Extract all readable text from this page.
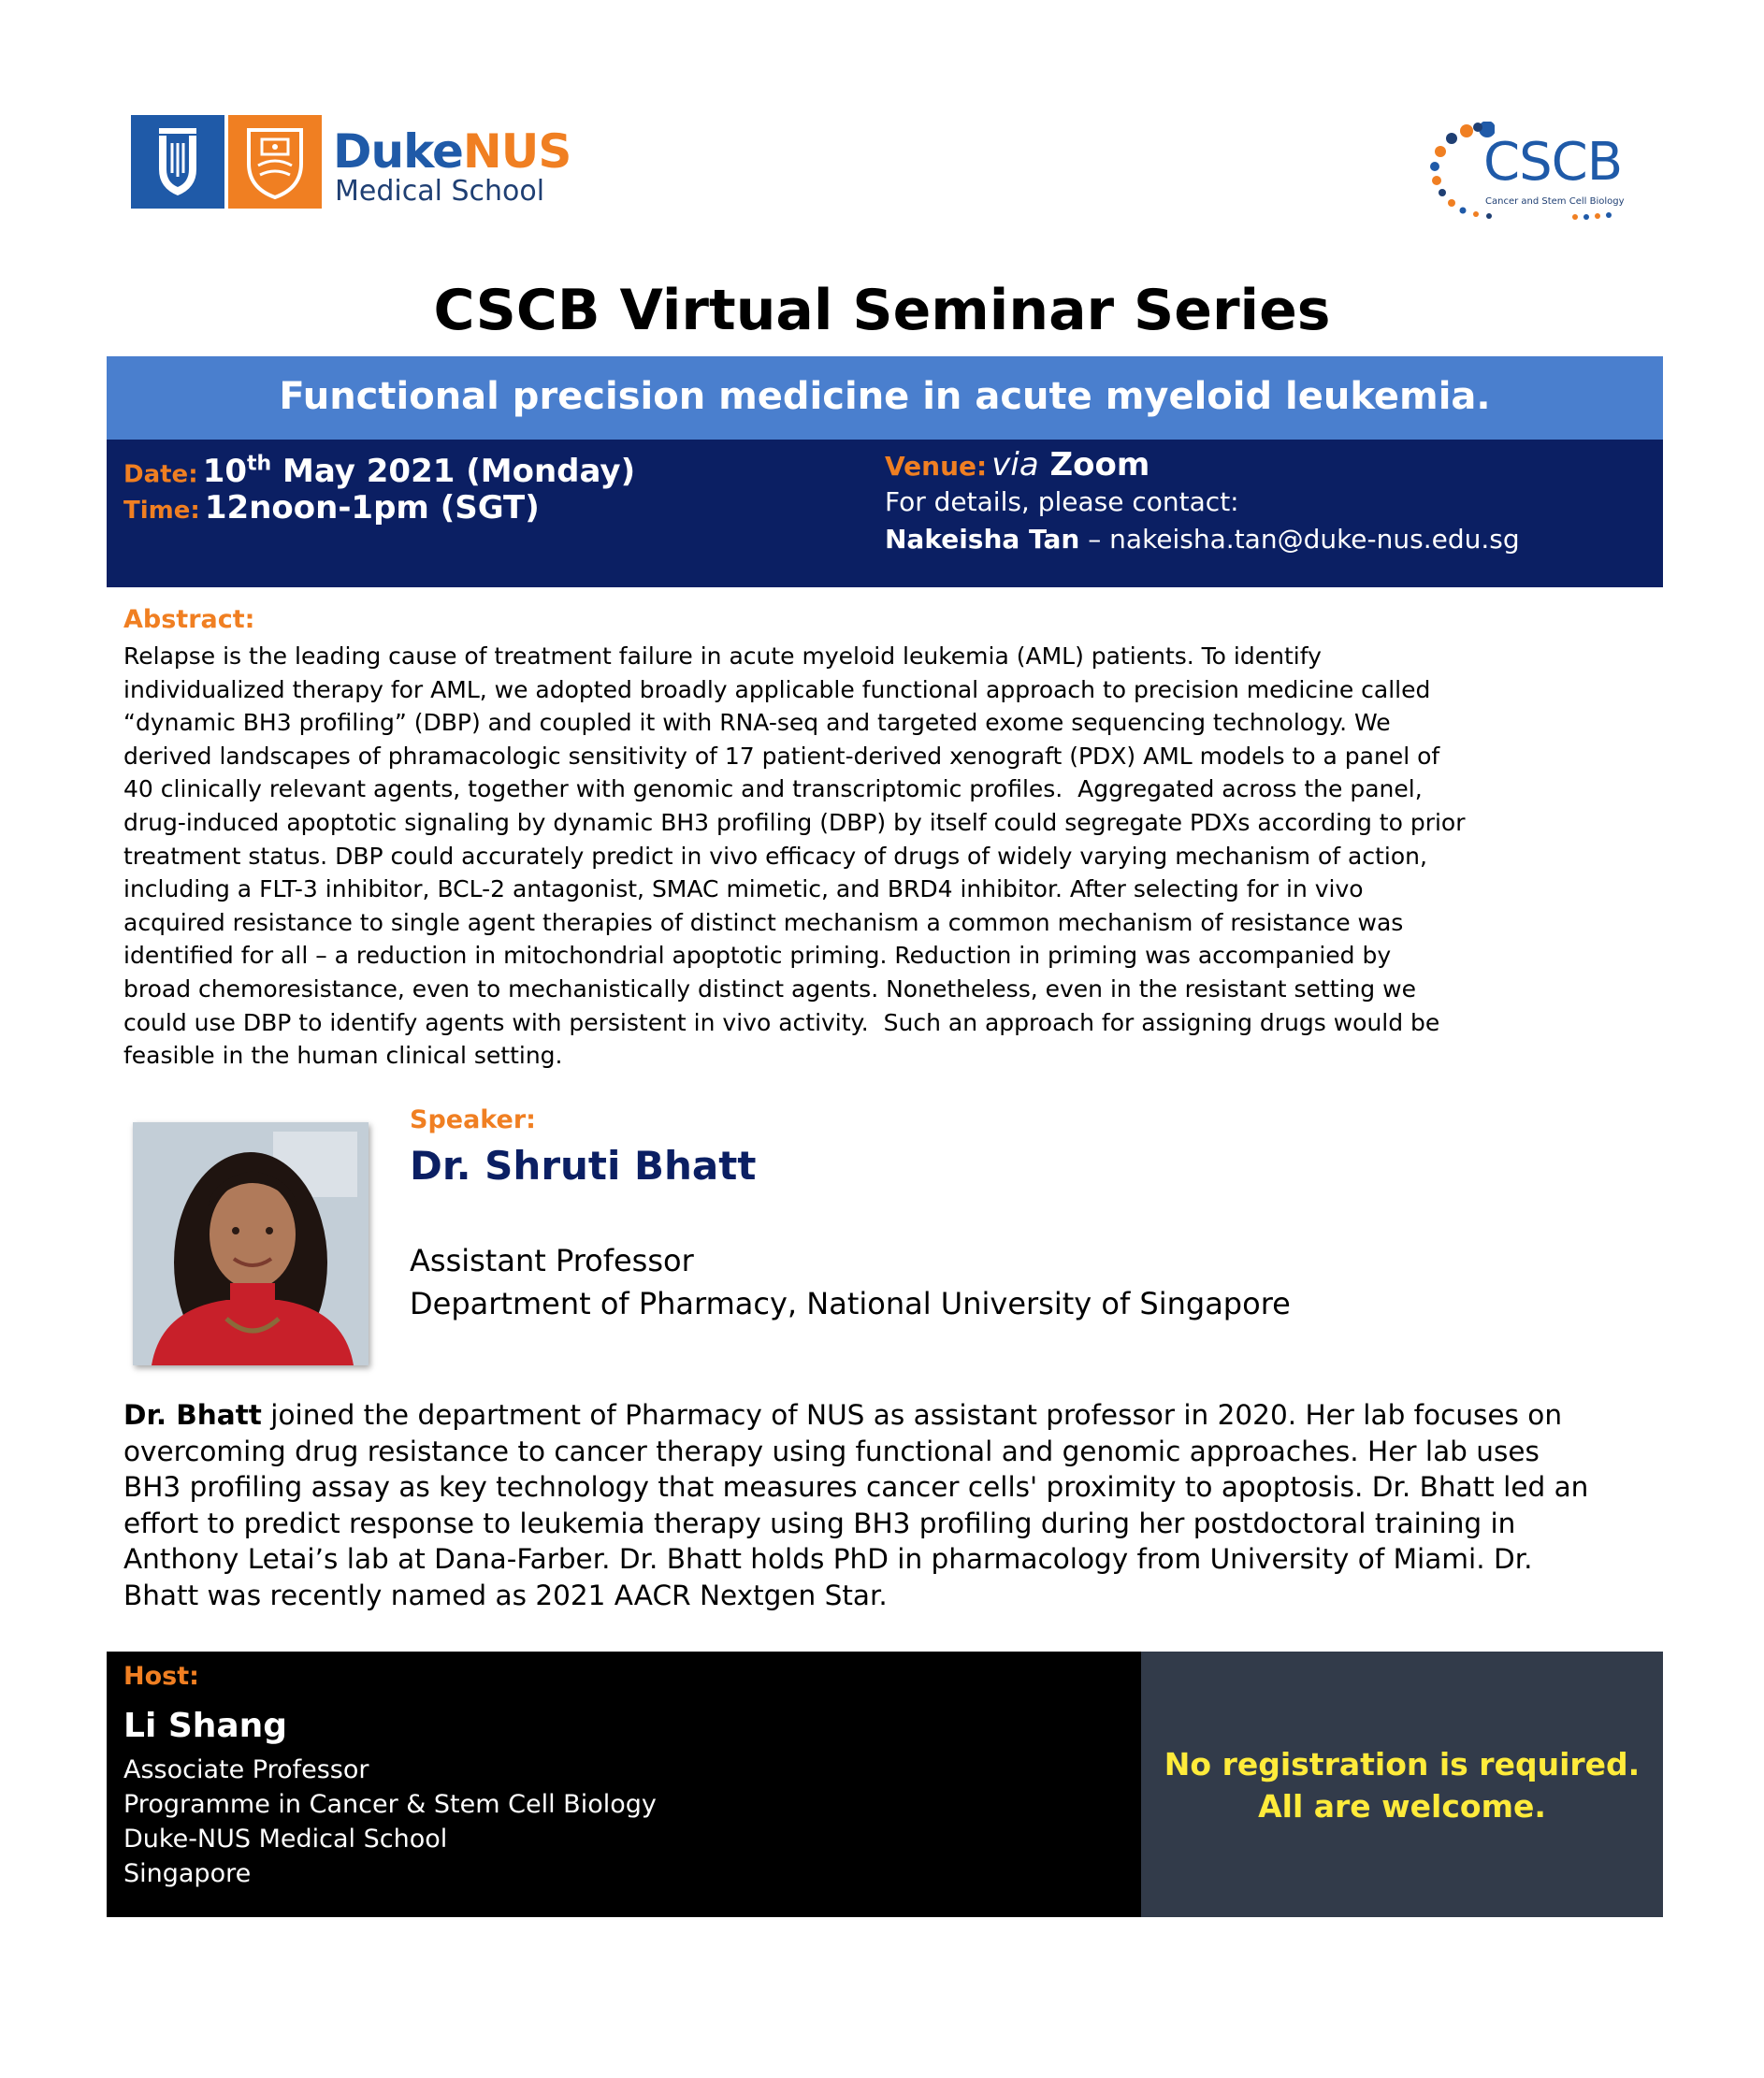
DukeNUS
Medical School	CSCB
Cancer and Stem Cell Biology
CSCB Virtual Seminar Series
Functional precision medicine in acute myeloid leukemia.
Date: 10th May 2021 (Monday)
Time: 12noon-1pm (SGT)
Venue: via Zoom
For details, please contact:
Nakeisha Tan – nakeisha.tan@duke-nus.edu.sg
Abstract:
Relapse is the leading cause of treatment failure in acute myeloid leukemia (AML) patients. To identify
individualized therapy for AML, we adopted broadly applicable functional approach to precision medicine called
“dynamic BH3 profiling” (DBP) and coupled it with RNA-seq and targeted exome sequencing technology. We
derived landscapes of phramacologic sensitivity of 17 patient-derived xenograft (PDX) AML models to a panel of
40 clinically relevant agents, together with genomic and transcriptomic profiles.  Aggregated across the panel,
drug-induced apoptotic signaling by dynamic BH3 profiling (DBP) by itself could segregate PDXs according to prior
treatment status. DBP could accurately predict in vivo efficacy of drugs of widely varying mechanism of action,
including a FLT-3 inhibitor, BCL-2 antagonist, SMAC mimetic, and BRD4 inhibitor. After selecting for in vivo
acquired resistance to single agent therapies of distinct mechanism a common mechanism of resistance was
identified for all – a reduction in mitochondrial apoptotic priming. Reduction in priming was accompanied by
broad chemoresistance, even to mechanistically distinct agents. Nonetheless, even in the resistant setting we
could use DBP to identify agents with persistent in vivo activity.  Such an approach for assigning drugs would be
feasible in the human clinical setting.
Speaker:
Dr. Shruti Bhatt
Assistant Professor
Department of Pharmacy, National University of Singapore
Dr. Bhatt joined the department of Pharmacy of NUS as assistant professor in 2020. Her lab focuses on
overcoming drug resistance to cancer therapy using functional and genomic approaches. Her lab uses
BH3 profiling assay as key technology that measures cancer cells' proximity to apoptosis. Dr. Bhatt led an
effort to predict response to leukemia therapy using BH3 profiling during her postdoctoral training in
Anthony Letai’s lab at Dana-Farber. Dr. Bhatt holds PhD in pharmacology from University of Miami. Dr.
Bhatt was recently named as 2021 AACR Nextgen Star.
Host:
Li Shang
Associate Professor
Programme in Cancer & Stem Cell Biology
Duke-NUS Medical School
Singapore
No registration is required.
All are welcome.
